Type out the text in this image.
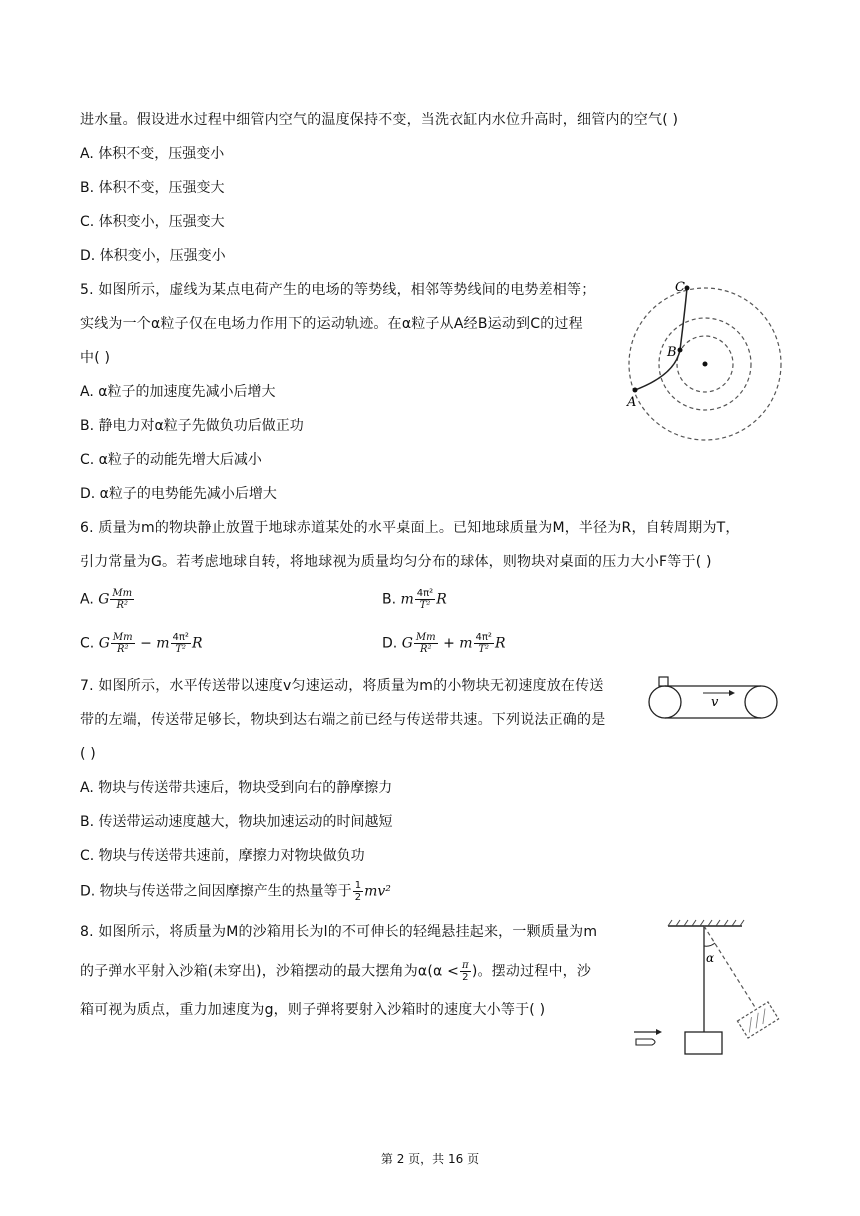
进水量。假设进水过程中细管内空气的温度保持不变，当洗衣缸内水位升高时，细管内的空气( )
A. 体积不变，压强变小
B. 体积不变，压强变大
C. 体积变小，压强变大
D. 体积变小，压强变小
5. 如图所示，虚线为某点电荷产生的电场的等势线，相邻等势线间的电势差相等；
实线为一个α粒子仅在电场力作用下的运动轨迹。在α粒子从A经B运动到C的过程
中( )
A. α粒子的加速度先减小后增大
B. 静电力对α粒子先做负功后做正功
C. α粒子的动能先增大后减小
D. α粒子的电势能先减小后增大
A
B
C
6. 质量为m的物块静止放置于地球赤道某处的水平桌面上。已知地球质量为M，半径为R，自转周期为T，
引力常量为G。若考虑地球自转，将地球视为质量均匀分布的球体，则物块对桌面的压力大小F等于( )
A. G $\frac{Mm}{\text{R²}}$	B. m $\frac{\text{4π²}}{\text{T²}}$ R
C. G $\frac{Mm}{\text{R²}} - m \frac{\text{4π²}}{\text{T²}}$ R	D. G $\frac{Mm}{\text{R²}} + m \frac{\text{4π²}}{\text{T²}}$ R
7. 如图所示，水平传送带以速度v匀速运动，将质量为m的小物块无初速度放在传送
带的左端，传送带足够长，物块到达右端之前已经与传送带共速。下列说法正确的是
( )
A. 物块与传送带共速后，物块受到向右的静摩擦力
B. 传送带运动速度越大，物块加速运动的时间越短
C. 物块与传送带共速前，摩擦力对物块做负功
D. 物块与传送带之间因摩擦产生的热量等于 $\frac{1}{2} mv^2$
v
8. 如图所示，将质量为M的沙箱用长为l的不可伸长的轻绳悬挂起来，一颗质量为m
的子弹水平射入沙箱(未穿出)，沙箱摆动的最大摆角为$\alpha(\alpha < \frac{\pi}{2}$ )。摆动过程中，沙
箱可视为质点，重力加速度为g，则子弹将要射入沙箱时的速度大小等于( )
α
第 2 页，共 16 页
